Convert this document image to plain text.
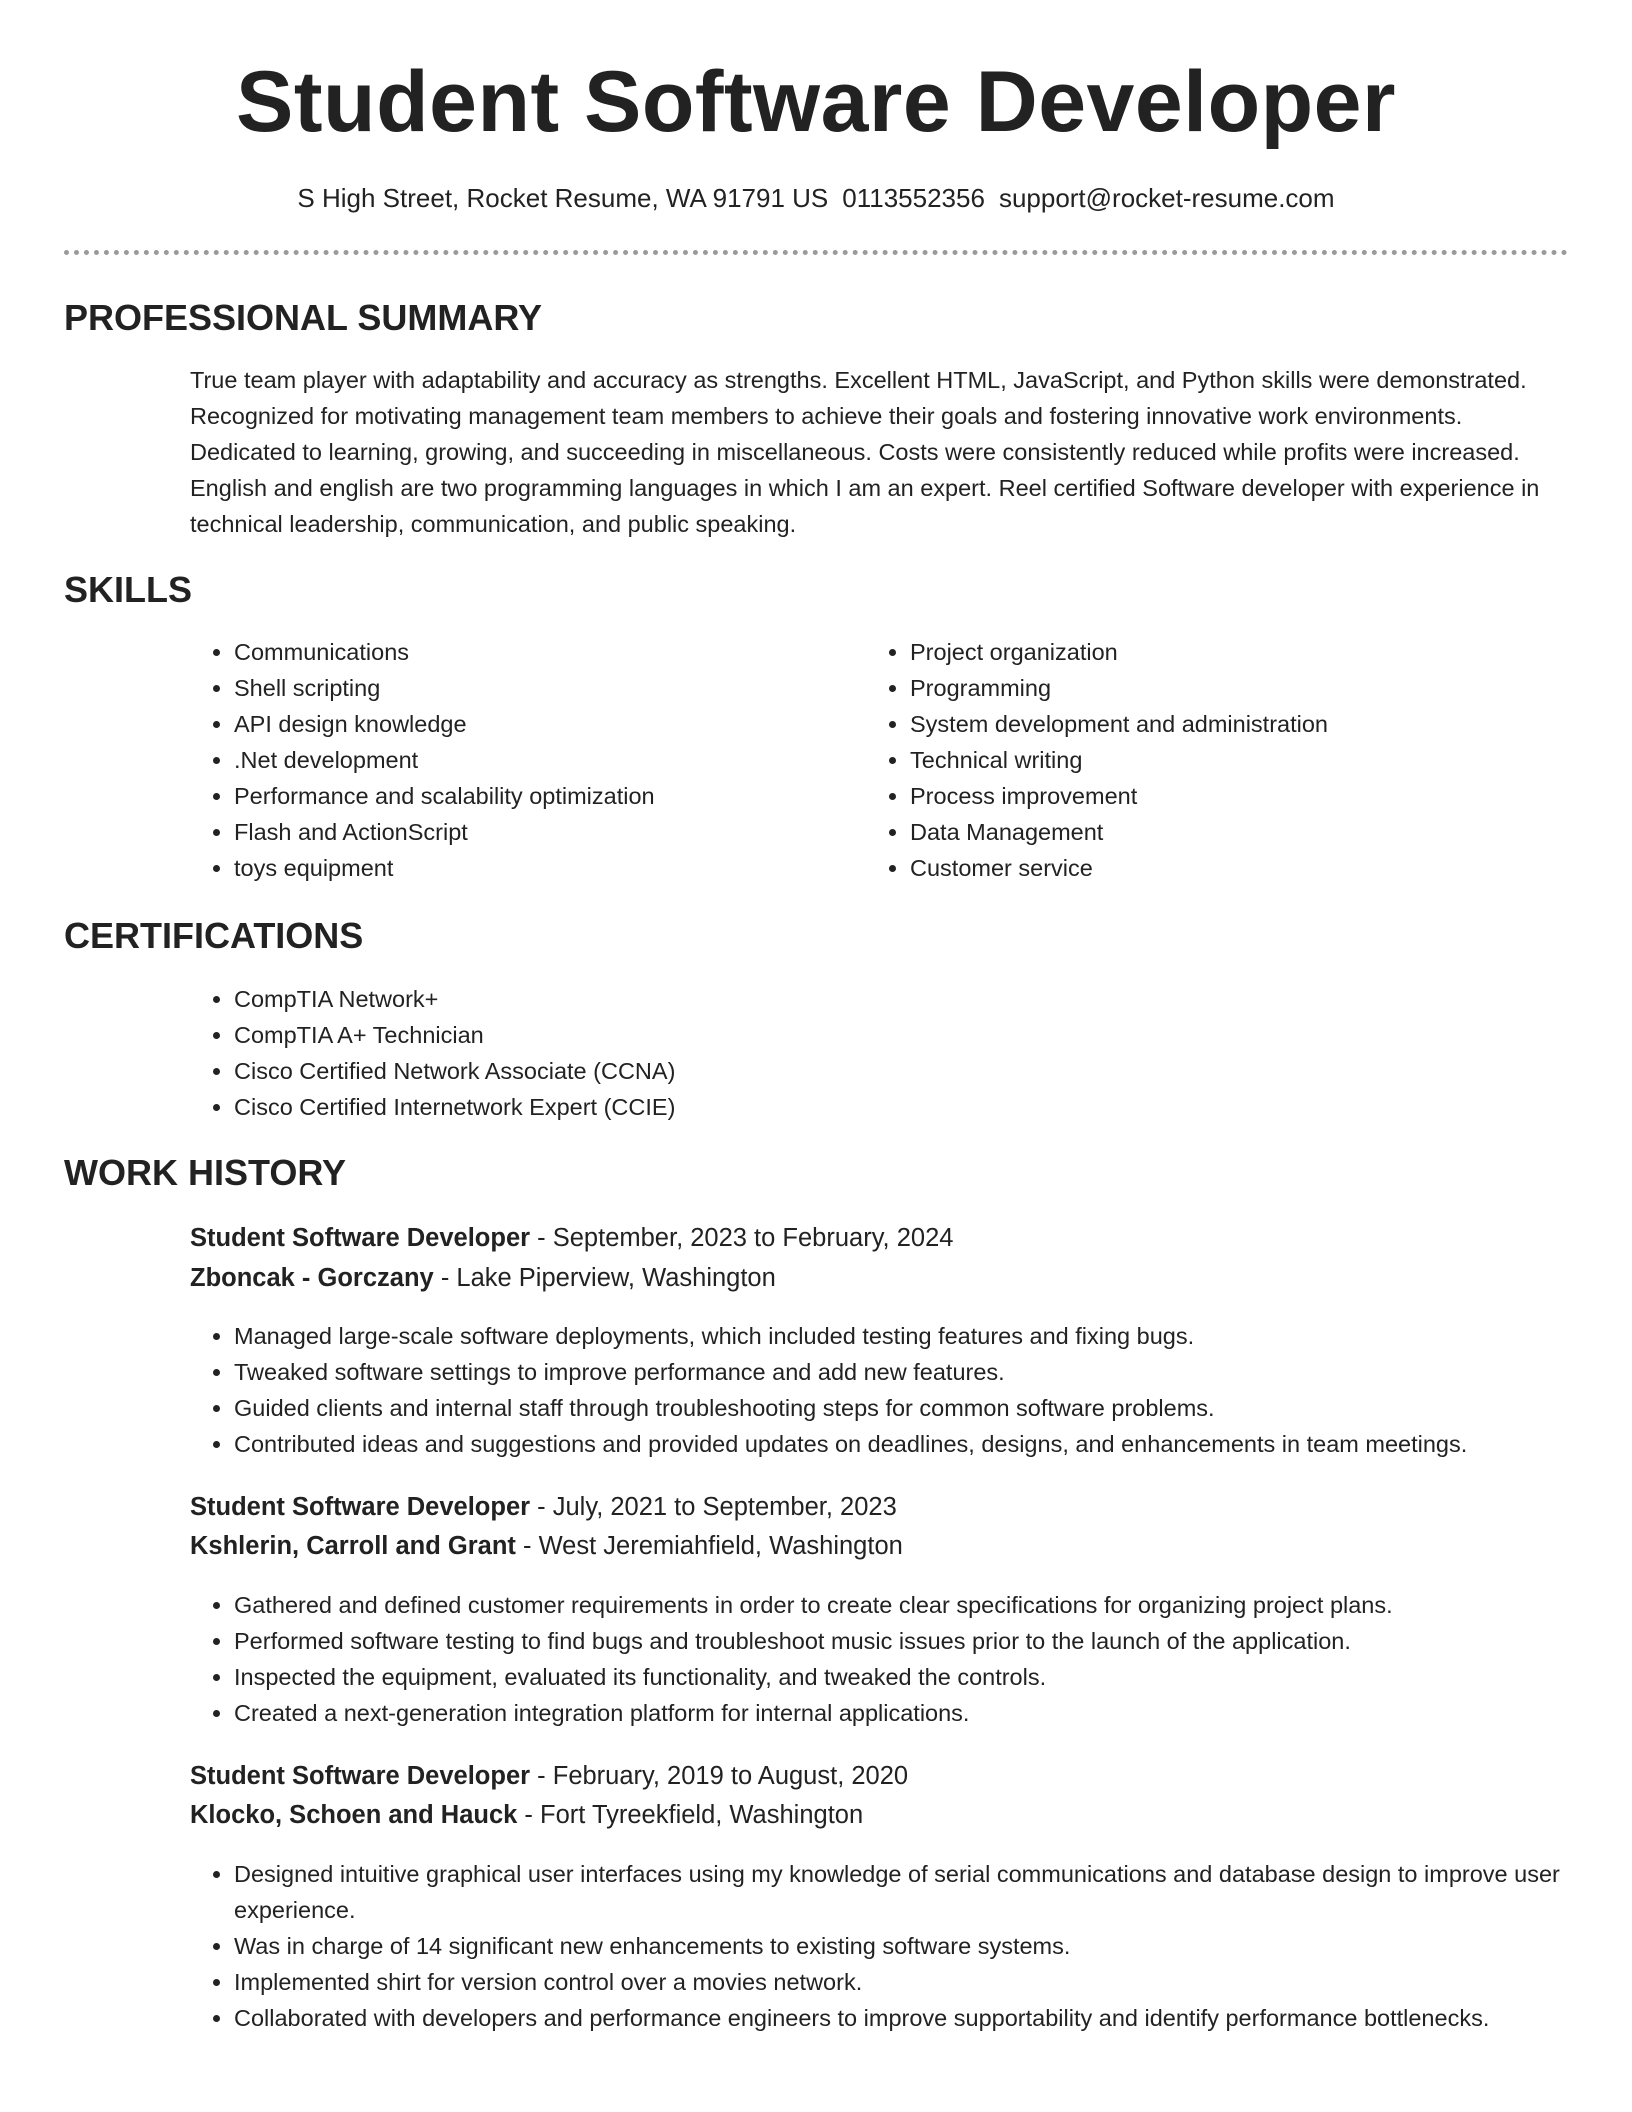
Student Software Developer
S High Street, Rocket Resume, WA 91791 US 0113552356 support@rocket-resume.com
PROFESSIONAL SUMMARY

True team player with adaptability and accuracy as strengths. Excellent HTML, JavaScript, and Python skills were demonstrated. Recognized for motivating management team members to achieve their goals and fostering innovative work environments. Dedicated to learning, growing, and succeeding in miscellaneous. Costs were consistently reduced while profits were increased. English and english are two programming languages in which I am an expert. Reel certified Software developer with experience in technical leadership, communication, and public speaking.

SKILLS
• Communications
• Shell scripting
• API design knowledge
• .Net development
• Performance and scalability optimization
• Flash and ActionScript
• toys equipment
• Project organization
• Programming
• System development and administration
• Technical writing
• Process improvement
• Data Management
• Customer service
CERTIFICATIONS
• CompTIA Network+
• CompTIA A+ Technician
• Cisco Certified Network Associate (CCNA)
• Cisco Certified Internetwork Expert (CCIE)
WORK HISTORY
Student Software Developer - September, 2023 to February, 2024
Zboncak - Gorczany - Lake Piperview, Washington
• Managed large-scale software deployments, which included testing features and fixing bugs.
• Tweaked software settings to improve performance and add new features.
• Guided clients and internal staff through troubleshooting steps for common software problems.
• Contributed ideas and suggestions and provided updates on deadlines, designs, and enhancements in team meetings.
Student Software Developer - July, 2021 to September, 2023
Kshlerin, Carroll and Grant - West Jeremiahfield, Washington
• Gathered and defined customer requirements in order to create clear specifications for organizing project plans.
• Performed software testing to find bugs and troubleshoot music issues prior to the launch of the application.
• Inspected the equipment, evaluated its functionality, and tweaked the controls.
• Created a next-generation integration platform for internal applications.
Student Software Developer - February, 2019 to August, 2020
Klocko, Schoen and Hauck - Fort Tyreekfield, Washington
• Designed intuitive graphical user interfaces using my knowledge of serial communications and database design to improve user experience.
• Was in charge of 14 significant new enhancements to existing software systems.
• Implemented shirt for version control over a movies network.
• Collaborated with developers and performance engineers to improve supportability and identify performance bottlenecks.
